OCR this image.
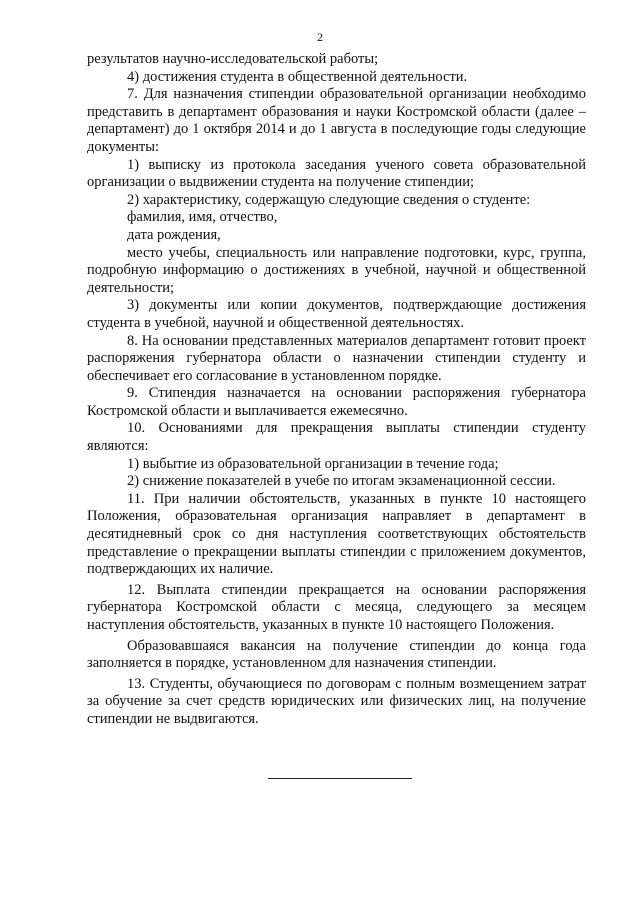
2

результатов научно-исследовательской работы;

4) достижения студента в общественной деятельности.

7. Для назначения стипендии образовательной организации необходимо представить в департамент образования и науки Костромской области (далее – департамент) до 1 октября 2014 и до 1 августа в последующие годы следующие документы:

1) выписку из протокола заседания ученого совета образовательной организации о выдвижении студента на получение стипендии;

2) характеристику, содержащую следующие сведения о студенте:

фамилия, имя, отчество,

дата рождения,

место учебы, специальность или направление подготовки, курс, группа, подробную информацию о достижениях в учебной, научной и общественной деятельности;

3) документы или копии документов, подтверждающие достижения студента в учебной, научной и общественной деятельностях.

8. На основании представленных материалов департамент готовит проект распоряжения губернатора области о назначении стипендии студенту и обеспечивает его согласование в установленном порядке.

9. Стипендия назначается на основании распоряжения губернатора Костромской области и выплачивается ежемесячно.

10. Основаниями для прекращения выплаты стипендии студенту являются:

1) выбытие из образовательной организации в течение года;

2) снижение показателей в учебе по итогам экзаменационной сессии.

11. При наличии обстоятельств, указанных в пункте 10 настоящего Положения, образовательная организация направляет в департамент в десятидневный срок со дня наступления соответствующих обстоятельств представление о прекращении выплаты стипендии с приложением документов, подтверждающих их наличие.

12. Выплата стипендии прекращается на основании распоряжения губернатора Костромской области с месяца, следующего за месяцем наступления обстоятельств, указанных в пункте 10 настоящего Положения.

Образовавшаяся вакансия на получение стипендии до конца года заполняется в порядке, установленном для назначения стипендии.

13. Студенты, обучающиеся по договорам с полным возмещением затрат за обучение за счет средств юридических или физических лиц, на получение стипендии не выдвигаются.
